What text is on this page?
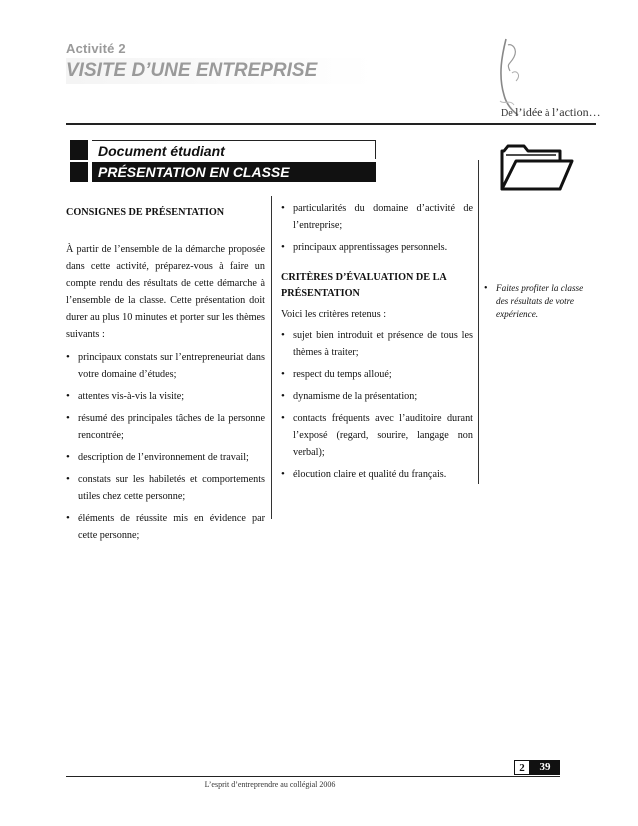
Activité 2
VISITE D’UNE ENTREPRISE
De l’idée à l’action…
Document étudiant
PRÉSENTATION EN CLASSE
CONSIGNES DE PRÉSENTATION

À partir de l’ensemble de la démarche proposée dans cette activité, préparez-vous à faire un compte rendu des résultats de cette démarche à l’ensemble de la classe. Cette présentation doit durer au plus 10 minutes et porter sur les thèmes suivants :

• principaux constats sur l’entrepreneuriat dans votre domaine d’études;
• attentes vis-à-vis la visite;
• résumé des principales tâches de la personne rencontrée;
• description de l’environnement de travail;
• constats sur les habiletés et comportements utiles chez cette personne;
• éléments de réussite mis en évidence par cette personne;
• particularités du domaine d’activité de l’entreprise;
• principaux apprentissages personnels.
CRITÈRES D’ÉVALUATION DE LA PRÉSENTATION

Voici les critères retenus :

• sujet bien introduit et présence de tous les thèmes à traiter;
• respect du temps alloué;
• dynamisme de la présentation;
• contacts fréquents avec l’auditoire durant l’exposé (regard, sourire, langage non verbal);
• élocution claire et qualité du français.
• Faites profiter la classe des résultats de votre expérience.
2	39
L’esprit d’entreprendre au collégial 2006
